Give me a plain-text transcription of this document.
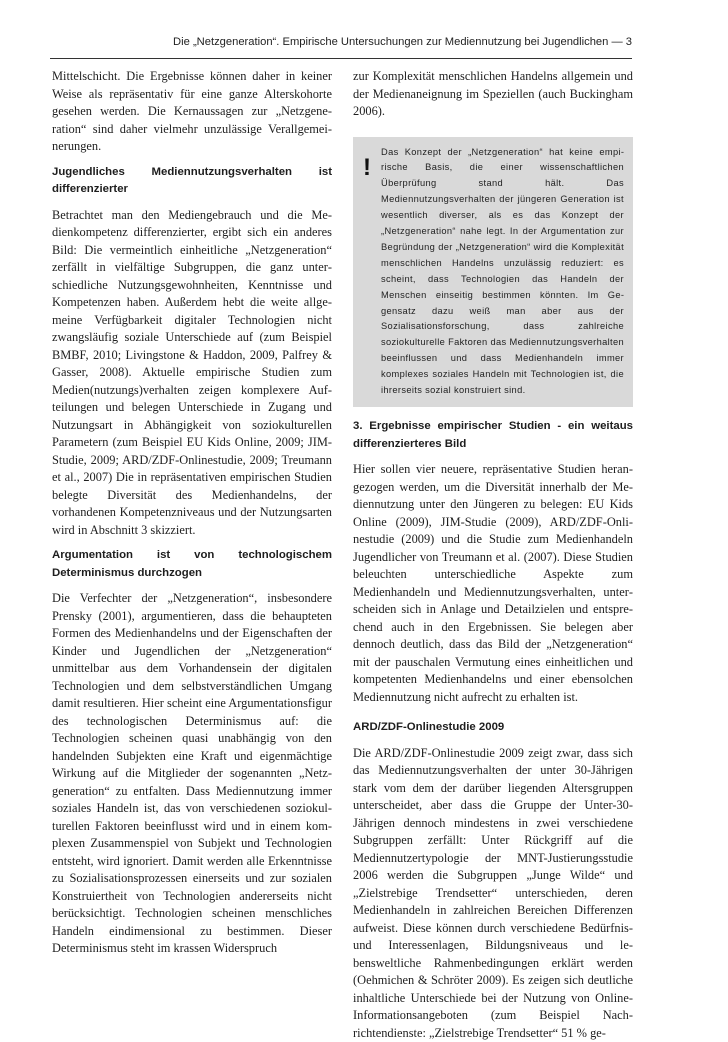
Die „Netzgeneration“. Empirische Untersuchungen zur Mediennutzung bei Jugendlichen — 3

Mittelschicht. Die Ergebnisse können daher in keiner Weise als repräsentativ für eine ganze Alterskohorte gesehen werden. Die Kernaussagen zur „Netzgeneration“ sind daher vielmehr unzulässige Verallgemeinerungen.

Jugendliches Mediennutzungsverhalten ist differenzierter

Betrachtet man den Mediengebrauch und die Medienkompetenz differenzierter, ergibt sich ein anderes Bild: Die vermeintlich einheitliche „Netzgeneration“ zerfällt in vielfältige Subgruppen, die ganz unterschiedliche Nutzungsgewohnheiten, Kenntnisse und Kompetenzen haben. Außerdem hebt die weite allgemeine Verfügbarkeit digitaler Technologien nicht zwangsläufig soziale Unterschiede auf (zum Beispiel BMBF, 2010; Livingstone & Haddon, 2009, Palfrey & Gasser, 2008). Aktuelle empirische Studien zum Medien(nutzungs)verhalten zeigen komplexere Aufteilungen und belegen Unterschiede in Zugang und Nutzungsart in Abhängigkeit von soziokulturellen Parametern (zum Beispiel EU Kids Online, 2009; JIM-Studie, 2009; ARD/ZDF-Onlinestudie, 2009; Treumann et al., 2007) Die in repräsentativen empirischen Studien belegte Diversität des Medienhandelns, der vorhandenen Kompetenzniveaus und der Nutzungsarten wird in Abschnitt 3 skizziert.

Argumentation ist von technologischem Determinismus durchzogen

Die Verfechter der „Netzgeneration“, insbesondere Prensky (2001), argumentieren, dass die behaupteten Formen des Medienhandelns und der Eigenschaften der Kinder und Jugendlichen der „Netzgeneration“ unmittelbar aus dem Vorhandensein der digitalen Technologien und dem selbstverständlichen Umgang damit resultieren. Hier scheint eine Argumentationsfigur des technologischen Determinismus auf: die Technologien scheinen quasi unabhängig von den handelnden Subjekten eine Kraft und eigenmächtige Wirkung auf die Mitglieder der sogenannten „Netzgeneration“ zu entfalten. Dass Mediennutzung immer soziales Handeln ist, das von verschiedenen soziokulturellen Faktoren beeinflusst wird und in einem komplexen Zusammenspiel von Subjekt und Technologien entsteht, wird ignoriert. Damit werden alle Erkenntnisse zu Sozialisationsprozessen einerseits und zur sozialen Konstruiertheit von Technologien andererseits nicht berücksichtigt. Technologien scheinen menschliches Handeln eindimensional zu bestimmen. Dieser Determinismus steht im krassen Widerspruch

zur Komplexität menschlichen Handelns allgemein und der Medienaneignung im Speziellen (auch Buckingham 2006).

!

Das Konzept der „Netzgeneration“ hat keine empirische Basis, die einer wissenschaftlichen Überprüfung stand hält. Das Mediennutzungsverhalten der jüngeren Generation ist wesentlich diverser, als es das Konzept der „Netzgeneration“ nahe legt. In der Argumentation zur Begründung der „Netzgeneration“ wird die Komplexität menschlichen Handelns unzulässig reduziert: es scheint, dass Technologien das Handeln der Menschen einseitig bestimmen könnten. Im Gegensatz dazu weiß man aber aus der Sozialisationsforschung, dass zahlreiche soziokulturelle Faktoren das Mediennutzungsverhalten beeinflussen und dass Medienhandeln immer komplexes soziales Handeln mit Technologien ist, die ihrerseits sozial konstruiert sind.

3. Ergebnisse empirischer Studien - ein weitaus differenzierteres Bild

Hier sollen vier neuere, repräsentative Studien herangezogen werden, um die Diversität innerhalb der Mediennutzung unter den Jüngeren zu belegen: EU Kids Online (2009), JIM-Studie (2009), ARD/ZDF-Onlinestudie (2009) und die Studie zum Medienhandeln Jugendlicher von Treumann et al. (2007). Diese Studien beleuchten unterschiedliche Aspekte zum Medienhandeln und Mediennutzungsverhalten, unterscheiden sich in Anlage und Detailzielen und entsprechend auch in den Ergebnissen. Sie belegen aber dennoch deutlich, dass das Bild der „Netzgeneration“ mit der pauschalen Vermutung eines einheitlichen und kompetenten Medienhandelns und einer ebensolchen Mediennutzung nicht aufrecht zu erhalten ist.

ARD/ZDF-Onlinestudie 2009

Die ARD/ZDF-Onlinestudie 2009 zeigt zwar, dass sich das Mediennutzungsverhalten der unter 30-Jährigen stark vom dem der darüber liegenden Altersgruppen unterscheidet, aber dass die Gruppe der Unter-30-Jährigen dennoch mindestens in zwei verschiedene Subgruppen zerfällt: Unter Rückgriff auf die Mediennutzertypologie der MNT-Justierungsstudie 2006 werden die Subgruppen „Junge Wilde“ und „Zielstrebige Trendsetter“ unterschieden, deren Medienhandeln in zahlreichen Bereichen Differenzen aufweist. Diese können durch verschiedene Bedürfnis- und Interessenlagen, Bildungsniveaus und lebensweltliche Rahmenbedingungen erklärt werden (Oehmichen & Schröter 2009). Es zeigen sich deutliche inhaltliche Unterschiede bei der Nutzung von Online-Informationsangeboten (zum Beispiel Nachrichtendienste: „Zielstrebige Trendsetter“ 51 % ge-
